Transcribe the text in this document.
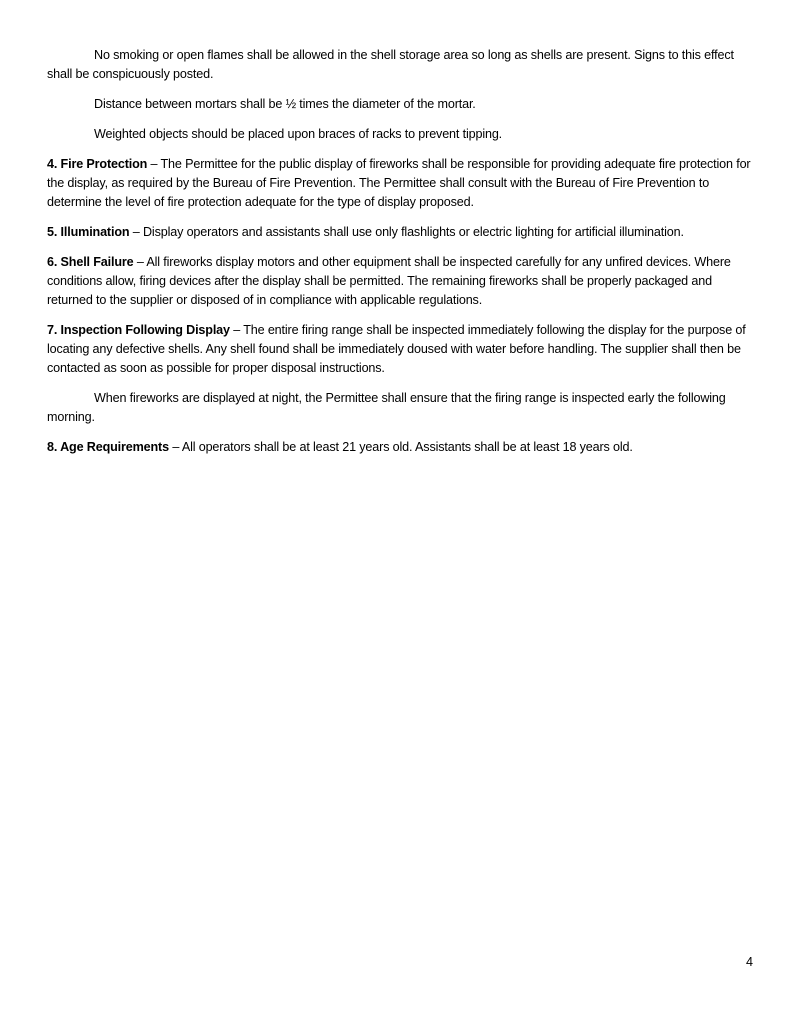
No smoking or open flames shall be allowed in the shell storage area so long as shells are present. Signs to this effect shall be conspicuously posted.

Distance between mortars shall be ½ times the diameter of the mortar.

Weighted objects should be placed upon braces of racks to prevent tipping.

4. Fire Protection – The Permittee for the public display of fireworks shall be responsible for providing adequate fire protection for the display, as required by the Bureau of Fire Prevention. The Permittee shall consult with the Bureau of Fire Prevention to determine the level of fire protection adequate for the type of display proposed.

5. Illumination – Display operators and assistants shall use only flashlights or electric lighting for artificial illumination.

6. Shell Failure – All fireworks display motors and other equipment shall be inspected carefully for any unfired devices. Where conditions allow, firing devices after the display shall be permitted. The remaining fireworks shall be properly packaged and returned to the supplier or disposed of in compliance with applicable regulations.

7. Inspection Following Display – The entire firing range shall be inspected immediately following the display for the purpose of locating any defective shells. Any shell found shall be immediately doused with water before handling. The supplier shall then be contacted as soon as possible for proper disposal instructions.

When fireworks are displayed at night, the Permittee shall ensure that the firing range is inspected early the following morning.

8. Age Requirements – All operators shall be at least 21 years old. Assistants shall be at least 18 years old.

4
